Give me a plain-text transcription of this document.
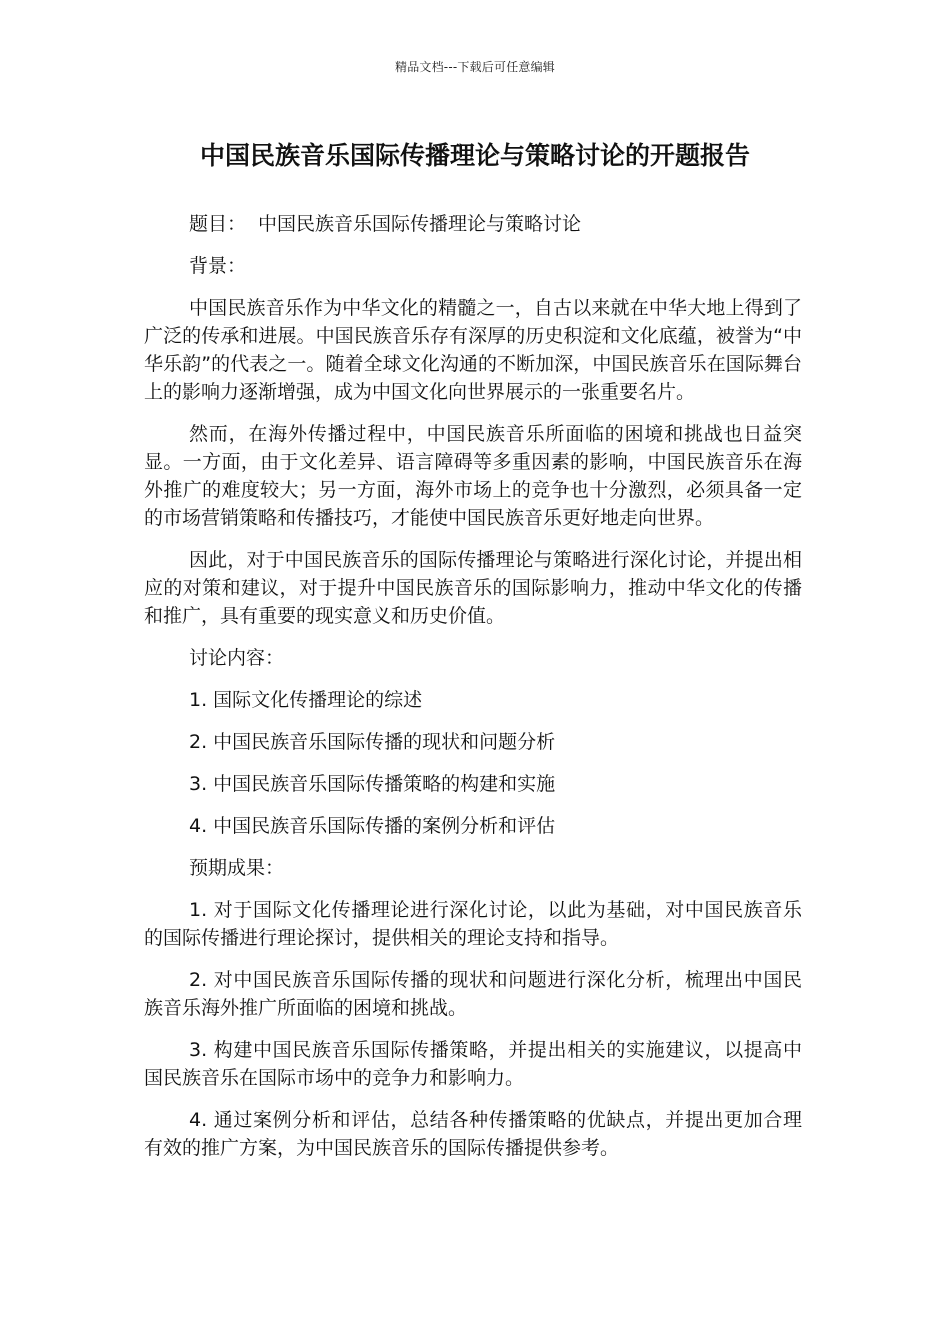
精品文档---下载后可任意编辑
中国民族音乐国际传播理论与策略讨论的开题报告

题目： 中国民族音乐国际传播理论与策略讨论

背景：

中国民族音乐作为中华文化的精髓之一，自古以来就在中华大地上得到了广泛的传承和进展。中国民族音乐存有深厚的历史积淀和文化底蕴，被誉为“中华乐韵”的代表之一。随着全球文化沟通的不断加深，中国民族音乐在国际舞台上的影响力逐渐增强，成为中国文化向世界展示的一张重要名片。

然而，在海外传播过程中，中国民族音乐所面临的困境和挑战也日益突显。一方面，由于文化差异、语言障碍等多重因素的影响，中国民族音乐在海外推广的难度较大；另一方面，海外市场上的竞争也十分激烈，必须具备一定的市场营销策略和传播技巧，才能使中国民族音乐更好地走向世界。

因此，对于中国民族音乐的国际传播理论与策略进行深化讨论，并提出相应的对策和建议，对于提升中国民族音乐的国际影响力，推动中华文化的传播和推广，具有重要的现实意义和历史价值。

讨论内容：

1. 国际文化传播理论的综述

2. 中国民族音乐国际传播的现状和问题分析

3. 中国民族音乐国际传播策略的构建和实施

4. 中国民族音乐国际传播的案例分析和评估

预期成果：

1. 对于国际文化传播理论进行深化讨论，以此为基础，对中国民族音乐的国际传播进行理论探讨，提供相关的理论支持和指导。

2. 对中国民族音乐国际传播的现状和问题进行深化分析，梳理出中国民族音乐海外推广所面临的困境和挑战。

3. 构建中国民族音乐国际传播策略，并提出相关的实施建议，以提高中国民族音乐在国际市场中的竞争力和影响力。

4. 通过案例分析和评估，总结各种传播策略的优缺点，并提出更加合理有效的推广方案，为中国民族音乐的国际传播提供参考。
